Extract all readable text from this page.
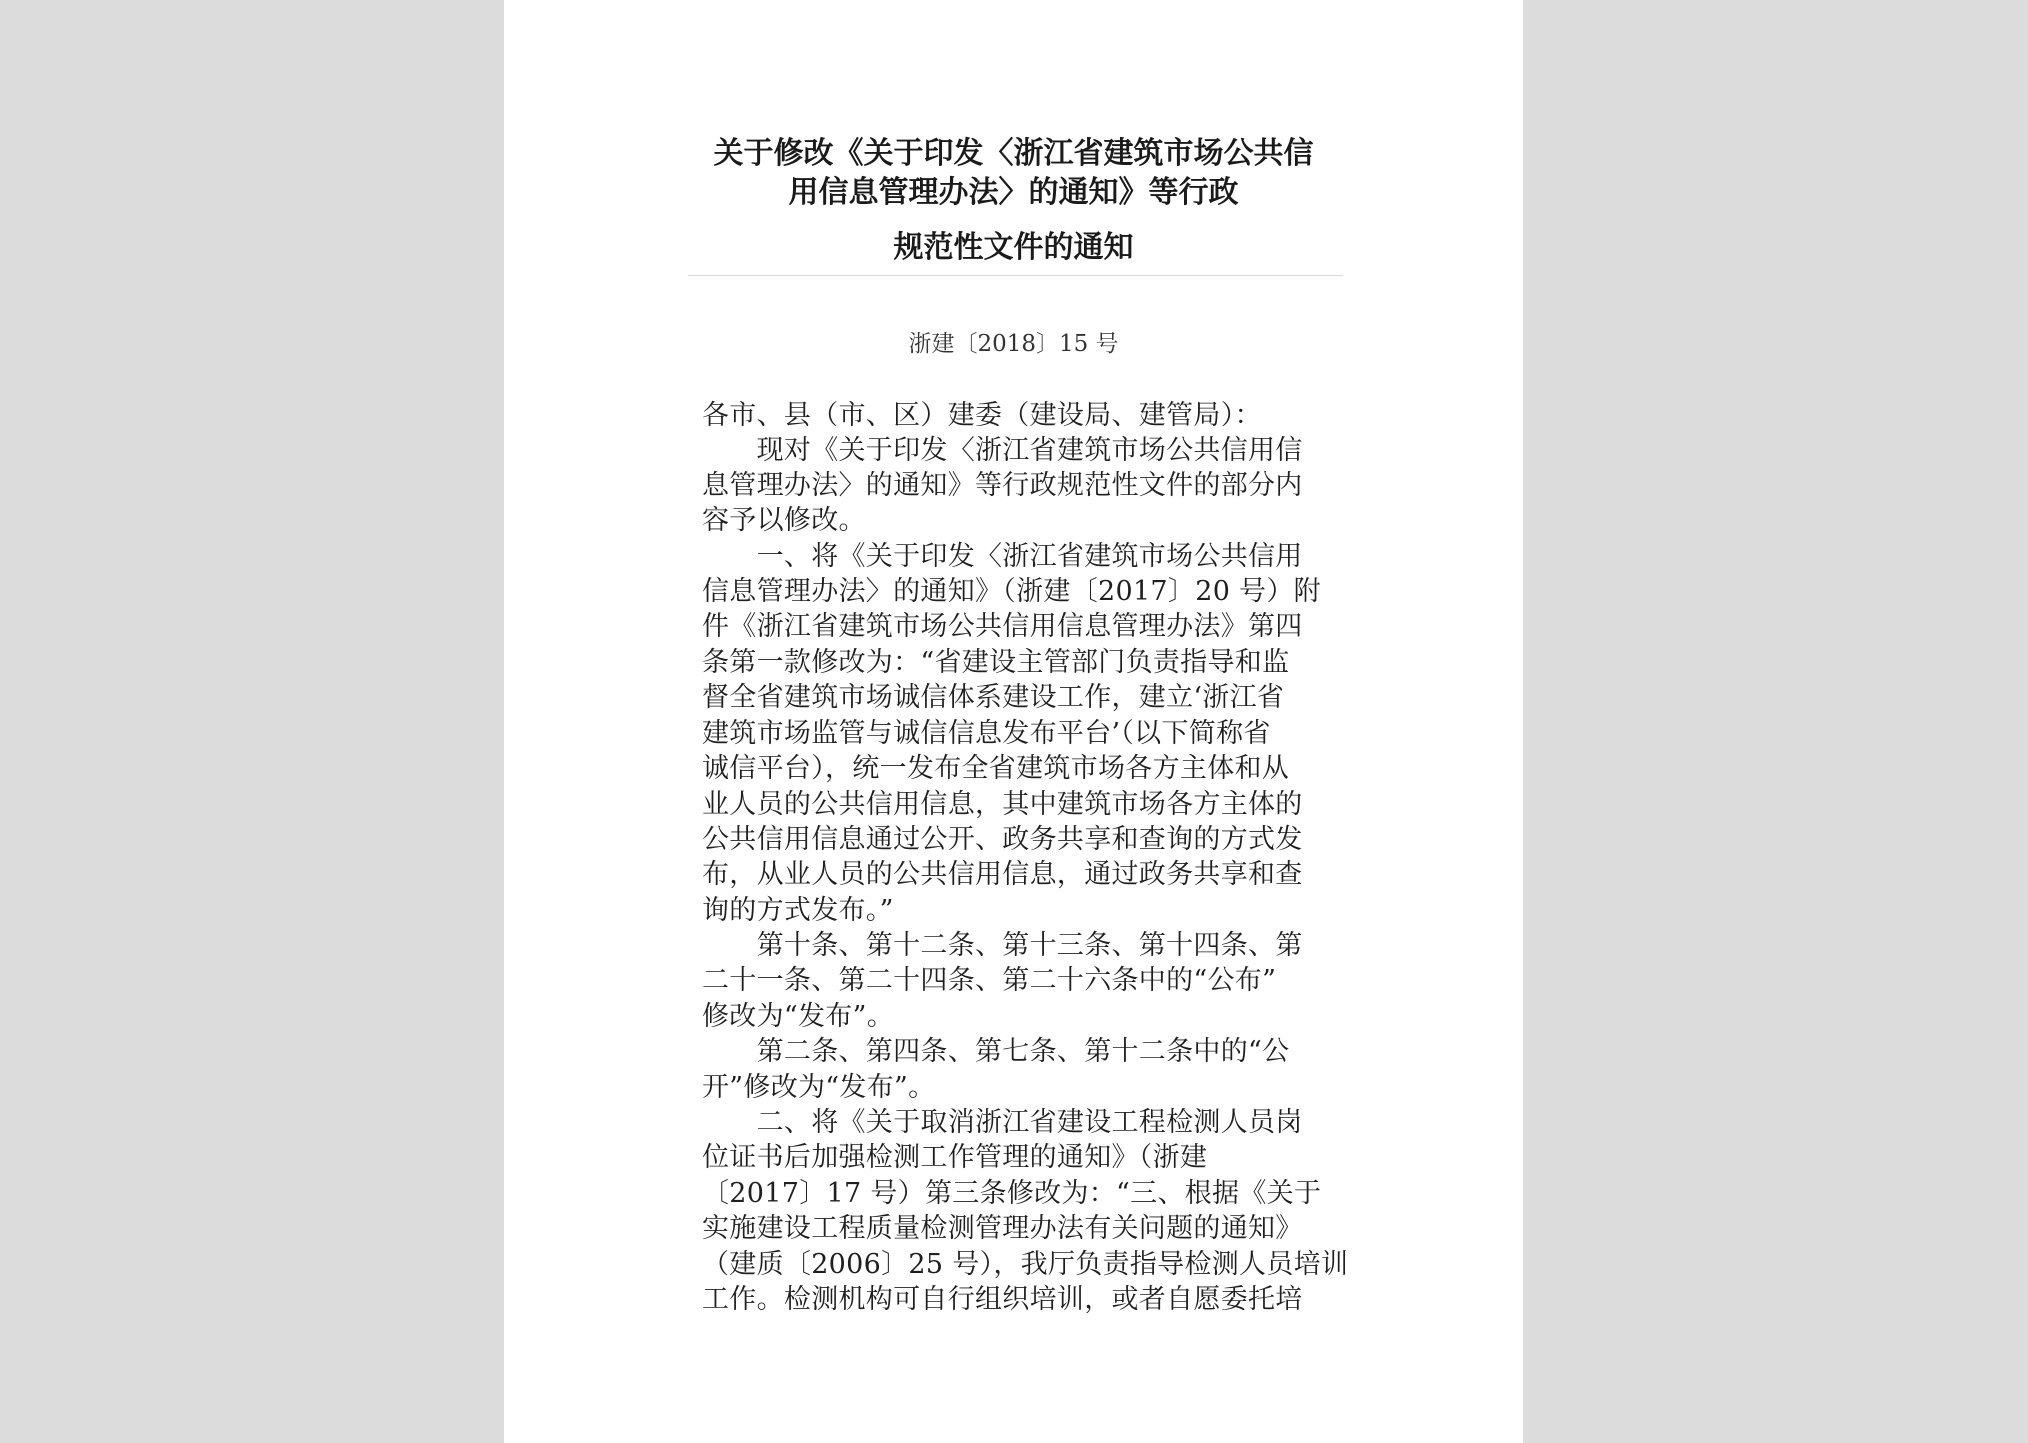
关于修改《关于印发〈浙江省建筑市场公共信
用信息管理办法〉的通知》等行政
规范性文件的通知
浙建〔2018〕15 号
各市、县（市、区）建委（建设局、建管局）：
　　现对《关于印发〈浙江省建筑市场公共信用信
息管理办法〉的通知》等行政规范性文件的部分内
容予以修改。
　　一、将《关于印发〈浙江省建筑市场公共信用
信息管理办法〉的通知》（浙建〔2017〕20 号）附
件《浙江省建筑市场公共信用信息管理办法》第四
条第一款修改为：“省建设主管部门负责指导和监
督全省建筑市场诚信体系建设工作，建立‘浙江省
建筑市场监管与诚信信息发布平台’（以下简称省
诚信平台），统一发布全省建筑市场各方主体和从
业人员的公共信用信息，其中建筑市场各方主体的
公共信用信息通过公开、政务共享和查询的方式发
布，从业人员的公共信用信息，通过政务共享和查
询的方式发布。”
　　第十条、第十二条、第十三条、第十四条、第
二十一条、第二十四条、第二十六条中的“公布”
修改为“发布”。
　　第二条、第四条、第七条、第十二条中的“公
开”修改为“发布”。
　　二、将《关于取消浙江省建设工程检测人员岗
位证书后加强检测工作管理的通知》（浙建
〔2017〕17 号）第三条修改为：“三、根据《关于
实施建设工程质量检测管理办法有关问题的通知》
（建质〔2006〕25 号），我厅负责指导检测人员培训
工作。检测机构可自行组织培训，或者自愿委托培
